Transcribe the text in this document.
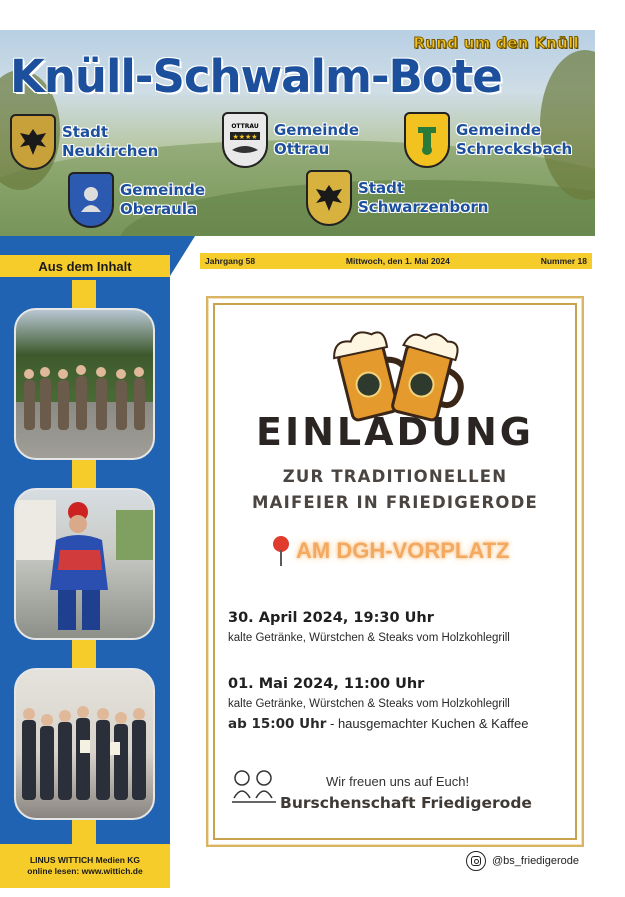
Rund um den Knüll
Knüll-Schwalm-Bote
Stadt
Neukirchen
OTTRAU
★★★★ Gemeinde
Ottrau
Gemeinde
Schrecksbach
Gemeinde
Oberaula
Stadt
Schwarzenborn
Aus dem Inhalt
LINUS WITTICH Medien KG
online lesen: www.wittich.de
Jahrgang 58	Mittwoch, den 1. Mai 2024	Nummer 18
EINLADUNG
ZUR TRADITIONELLEN
MAIFEIER IN FRIEDIGERODE
AM DGH-VORPLATZ
30. April 2024, 19:30 Uhr
kalte Getränke, Würstchen & Steaks vom Holzkohlegrill
01. Mai 2024, 11:00 Uhr
kalte Getränke, Würstchen & Steaks vom Holzkohlegrill
ab 15:00 Uhr - hausgemachter Kuchen & Kaffee
Wir freuen uns auf Euch!
Burschenschaft Friedigerode
@bs_friedigerode
